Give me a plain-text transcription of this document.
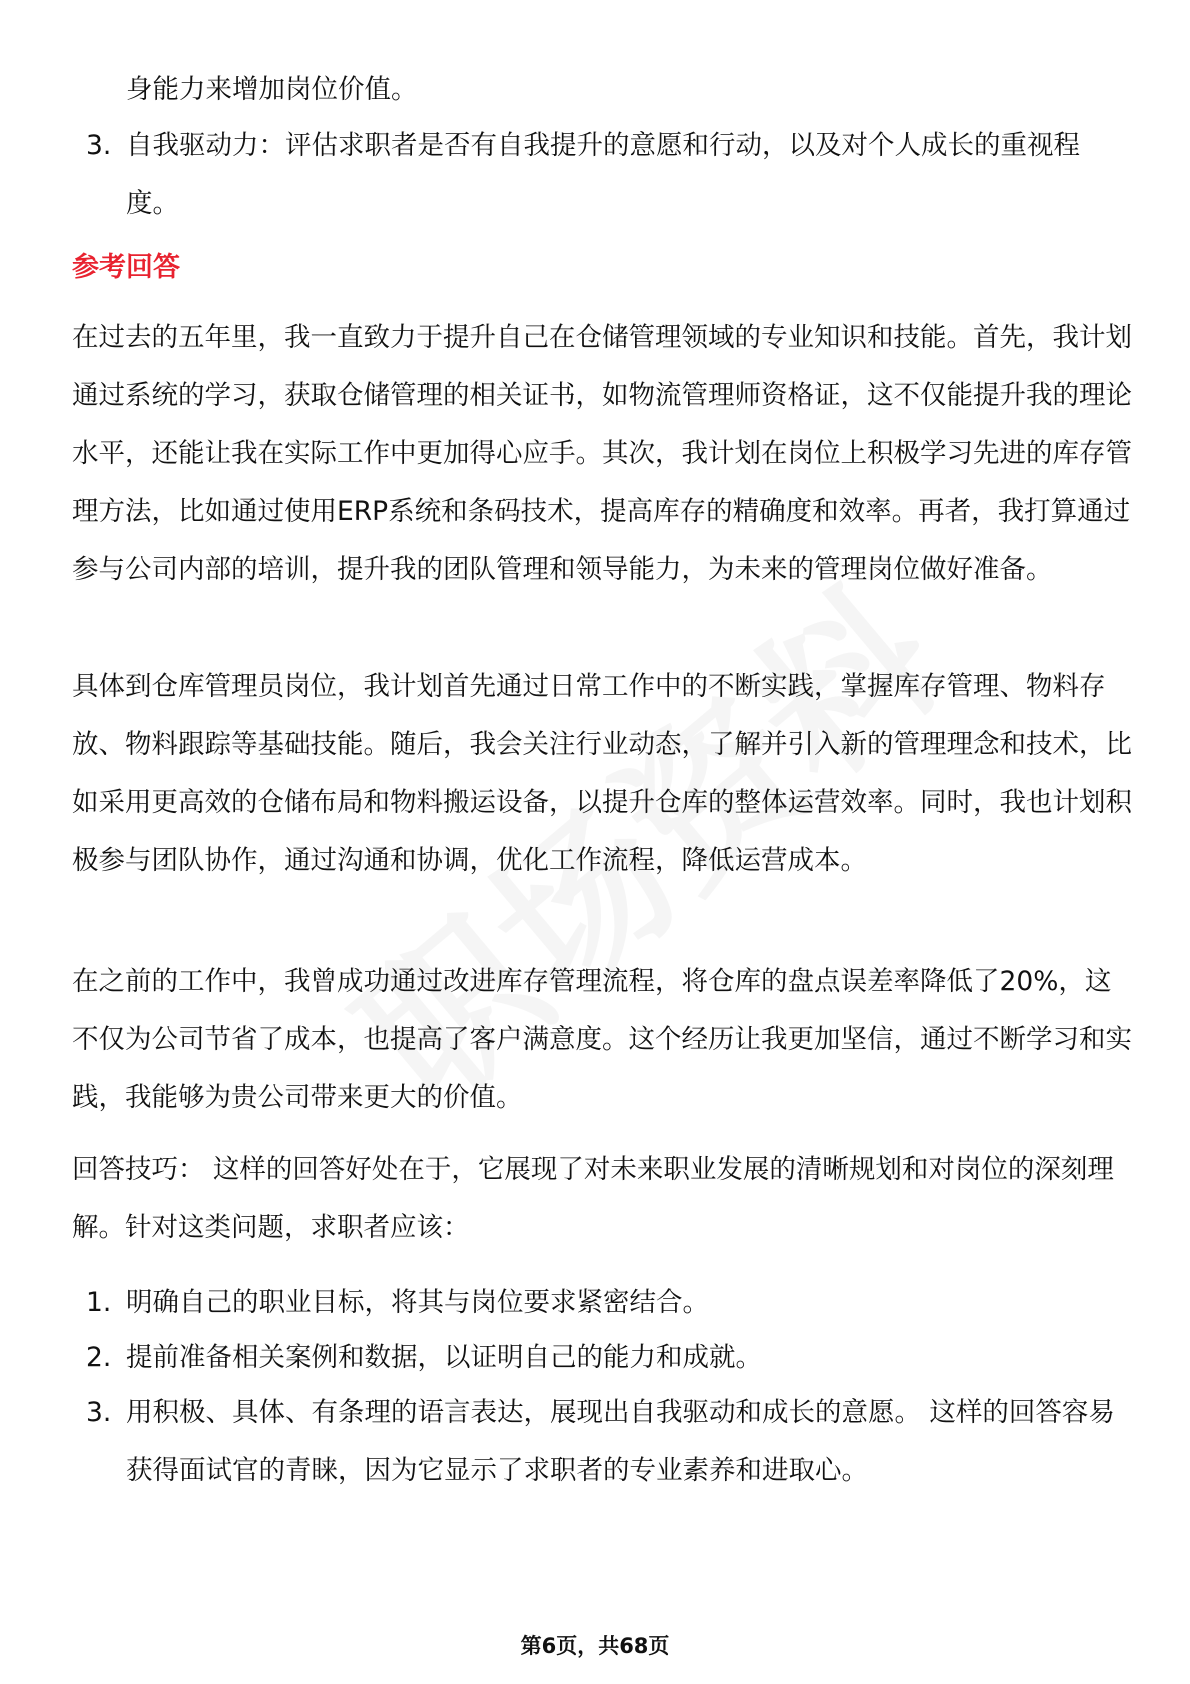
身能力来增加岗位价值。

3. 自我驱动力：评估求职者是否有自我提升的意愿和行动，以及对个人成长的重视程度。
参考回答

在过去的五年里，我一直致力于提升自己在仓储管理领域的专业知识和技能。首先，我计划通过系统的学习，获取仓储管理的相关证书，如物流管理师资格证，这不仅能提升我的理论水平，还能让我在实际工作中更加得心应手。其次，我计划在岗位上积极学习先进的库存管理方法，比如通过使用ERP系统和条码技术，提高库存的精确度和效率。再者，我打算通过参与公司内部的培训，提升我的团队管理和领导能力，为未来的管理岗位做好准备。

具体到仓库管理员岗位，我计划首先通过日常工作中的不断实践，掌握库存管理、物料存放、物料跟踪等基础技能。随后，我会关注行业动态，了解并引入新的管理理念和技术，比如采用更高效的仓储布局和物料搬运设备，以提升仓库的整体运营效率。同时，我也计划积极参与团队协作，通过沟通和协调，优化工作流程，降低运营成本。

在之前的工作中，我曾成功通过改进库存管理流程，将仓库的盘点误差率降低了20%，这不仅为公司节省了成本，也提高了客户满意度。这个经历让我更加坚信，通过不断学习和实践，我能够为贵公司带来更大的价值。

回答技巧： 这样的回答好处在于，它展现了对未来职业发展的清晰规划和对岗位的深刻理解。针对这类问题，求职者应该：

1. 明确自己的职业目标，将其与岗位要求紧密结合。
2. 提前准备相关案例和数据，以证明自己的能力和成就。
3. 用积极、具体、有条理的语言表达，展现出自我驱动和成长的意愿。 这样的回答容易获得面试官的青睐，因为它显示了求职者的专业素养和进取心。
第6页，共68页
